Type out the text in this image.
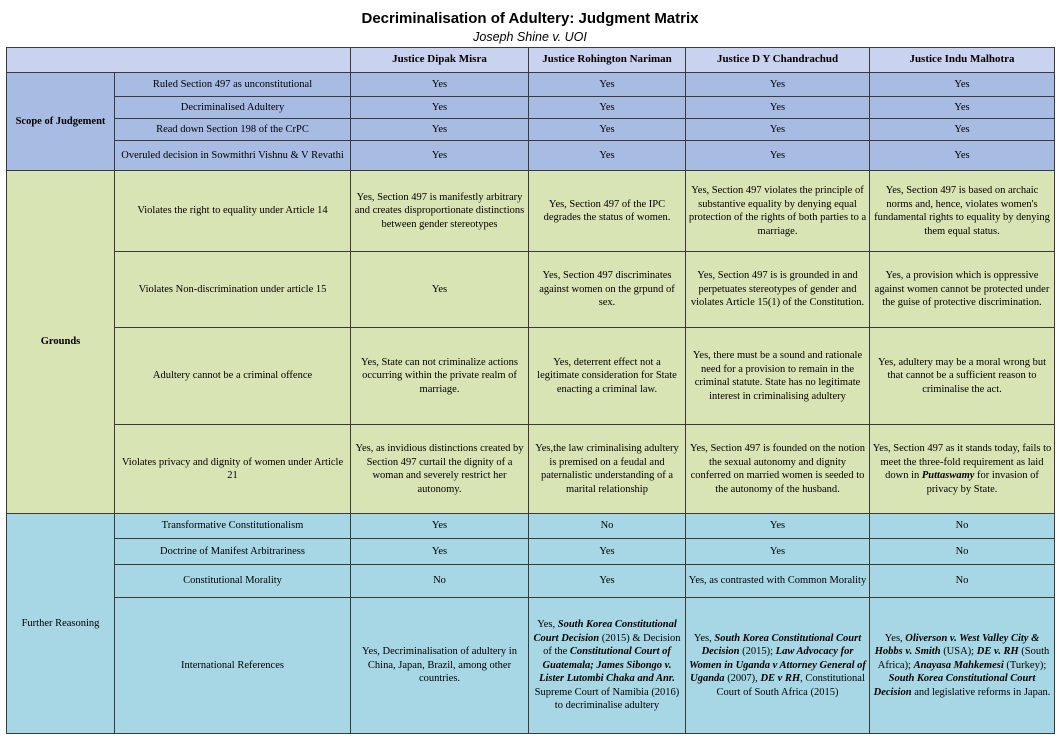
Decriminalisation of Adultery: Judgment Matrix
Joseph Shine v. UOI
		Justice Dipak Misra	Justice Rohington Nariman	Justice D Y Chandrachud	Justice Indu Malhotra
Scope of Judgement	Ruled Section 497 as unconstitutional	Yes	Yes	Yes	Yes
	Decriminalised Adultery	Yes	Yes	Yes	Yes
	Read down Section 198 of the CrPC	Yes	Yes	Yes	Yes
	Overuled decision in Sowmithri Vishnu & V Revathi	Yes	Yes	Yes	Yes
Grounds	Violates the right to equality under Article 14	Yes, Section 497 is manifestly arbitrary and creates disproportionate distinctions between gender stereotypes	Yes, Section 497 of the IPC degrades the status of women.	Yes, Section 497 violates the principle of substantive equality by denying equal protection of the rights of both parties to a marriage.	Yes, Section 497 is based on archaic norms and, hence, violates women's fundamental rights to equality by denying them equal status.
	Violates Non-discrimination under article 15	Yes	Yes, Section 497 discriminates against women on the grpund of sex.	Yes, Section 497 is is grounded in and perpetuates stereotypes of gender and violates Article 15(1) of the Constitution.	Yes, a provision which is oppressive against women cannot be protected under the guise of protective discrimination.
	Adultery cannot be a criminal offence	Yes, State can not criminalize actions occurring within the private realm of marriage.	Yes, deterrent effect not a legitimate consideration for State enacting a criminal law.	Yes, there must be a sound and rationale need for a provision to remain in the criminal statute. State has no legitimate interest in criminalising adultery	Yes, adultery may be a moral wrong but that cannot be a sufficient reason to criminalise the act.
	Violates privacy and dignity of women under Article 21	Yes, as invidious distinctions created by Section 497 curtail the dignity of a woman and severely restrict her autonomy.	Yes,the law criminalising adultery is premised on a feudal and paternalistic understanding of a marital relationship	Yes, Section 497 is founded on the notion the sexual autonomy and dignity conferred on married women is seeded to the autonomy of the husband.	Yes, Section 497 as it stands today, fails to meet the three-fold requirement as laid down in Puttaswamy for invasion of privacy by State.
Further Reasoning	Transformative Constitutionalism	Yes	No	Yes	No
	Doctrine of Manifest Arbitrariness	Yes	Yes	Yes	No
	Constitutional Morality	No	Yes	Yes, as contrasted with Common Morality	No
	International References	Yes, Decriminalisation of adultery in China, Japan, Brazil, among other countries.	Yes, South Korea Constitutional Court Decision (2015) & Decision of the Constitutional Court of Guatemala; James Sibongo v. Lister Lutombi Chaka and Anr. Supreme Court of Namibia (2016) to decriminalise adultery	Yes, South Korea Constitutional Court Decision (2015); Law Advocacy for Women in Uganda v Attorney General of Uganda (2007), DE v RH, Constitutional Court of South Africa (2015)	Yes, Oliverson v. West Valley City & Hobbs v. Smith (USA); DE v. RH (South Africa); Anayasa Mahkemesi (Turkey); South Korea Constitutional Court Decision and legislative reforms in Japan.
